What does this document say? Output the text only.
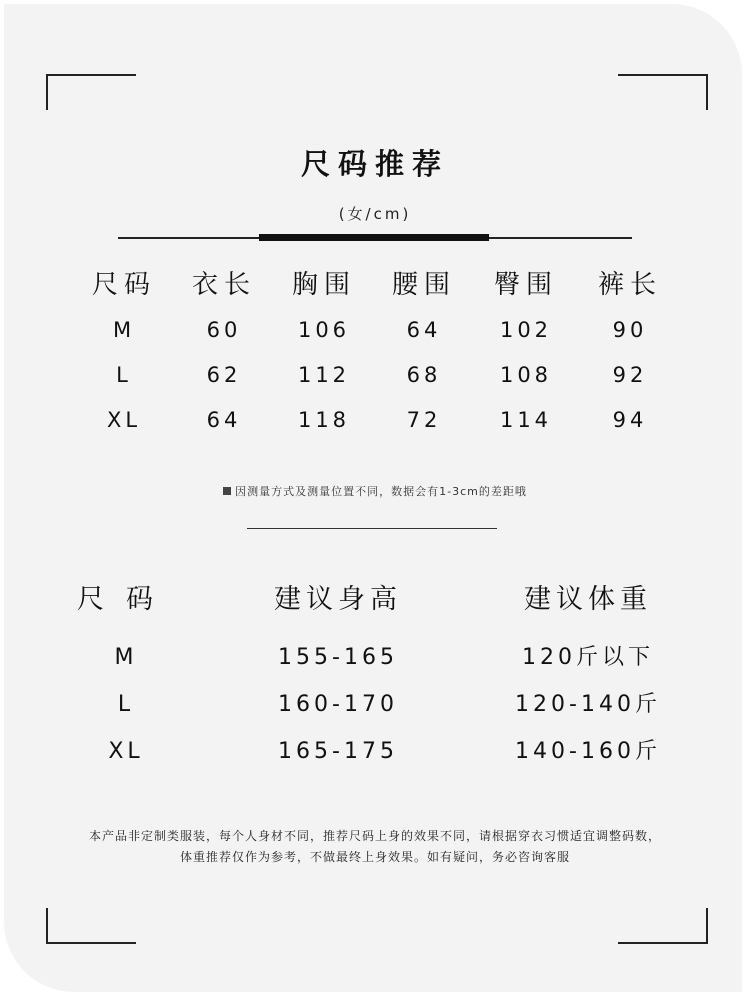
尺码推荐
(女/cm)
尺码	衣长	胸围	腰围	臀围	裤长
M	60	106	64	102	90
L	62	112	68	108	92
XL	64	118	72	114	94
因测量方式及测量位置不同，数据会有1-3cm的差距哦
尺码	建议身高	建议体重
M	155-165	120斤以下
L	160-170	120-140斤
XL	165-175	140-160斤
本产品非定制类服装，每个人身材不同，推荐尺码上身的效果不同，请根据穿衣习惯适宜调整码数，
体重推荐仅作为参考，不做最终上身效果。如有疑问，务必咨询客服
